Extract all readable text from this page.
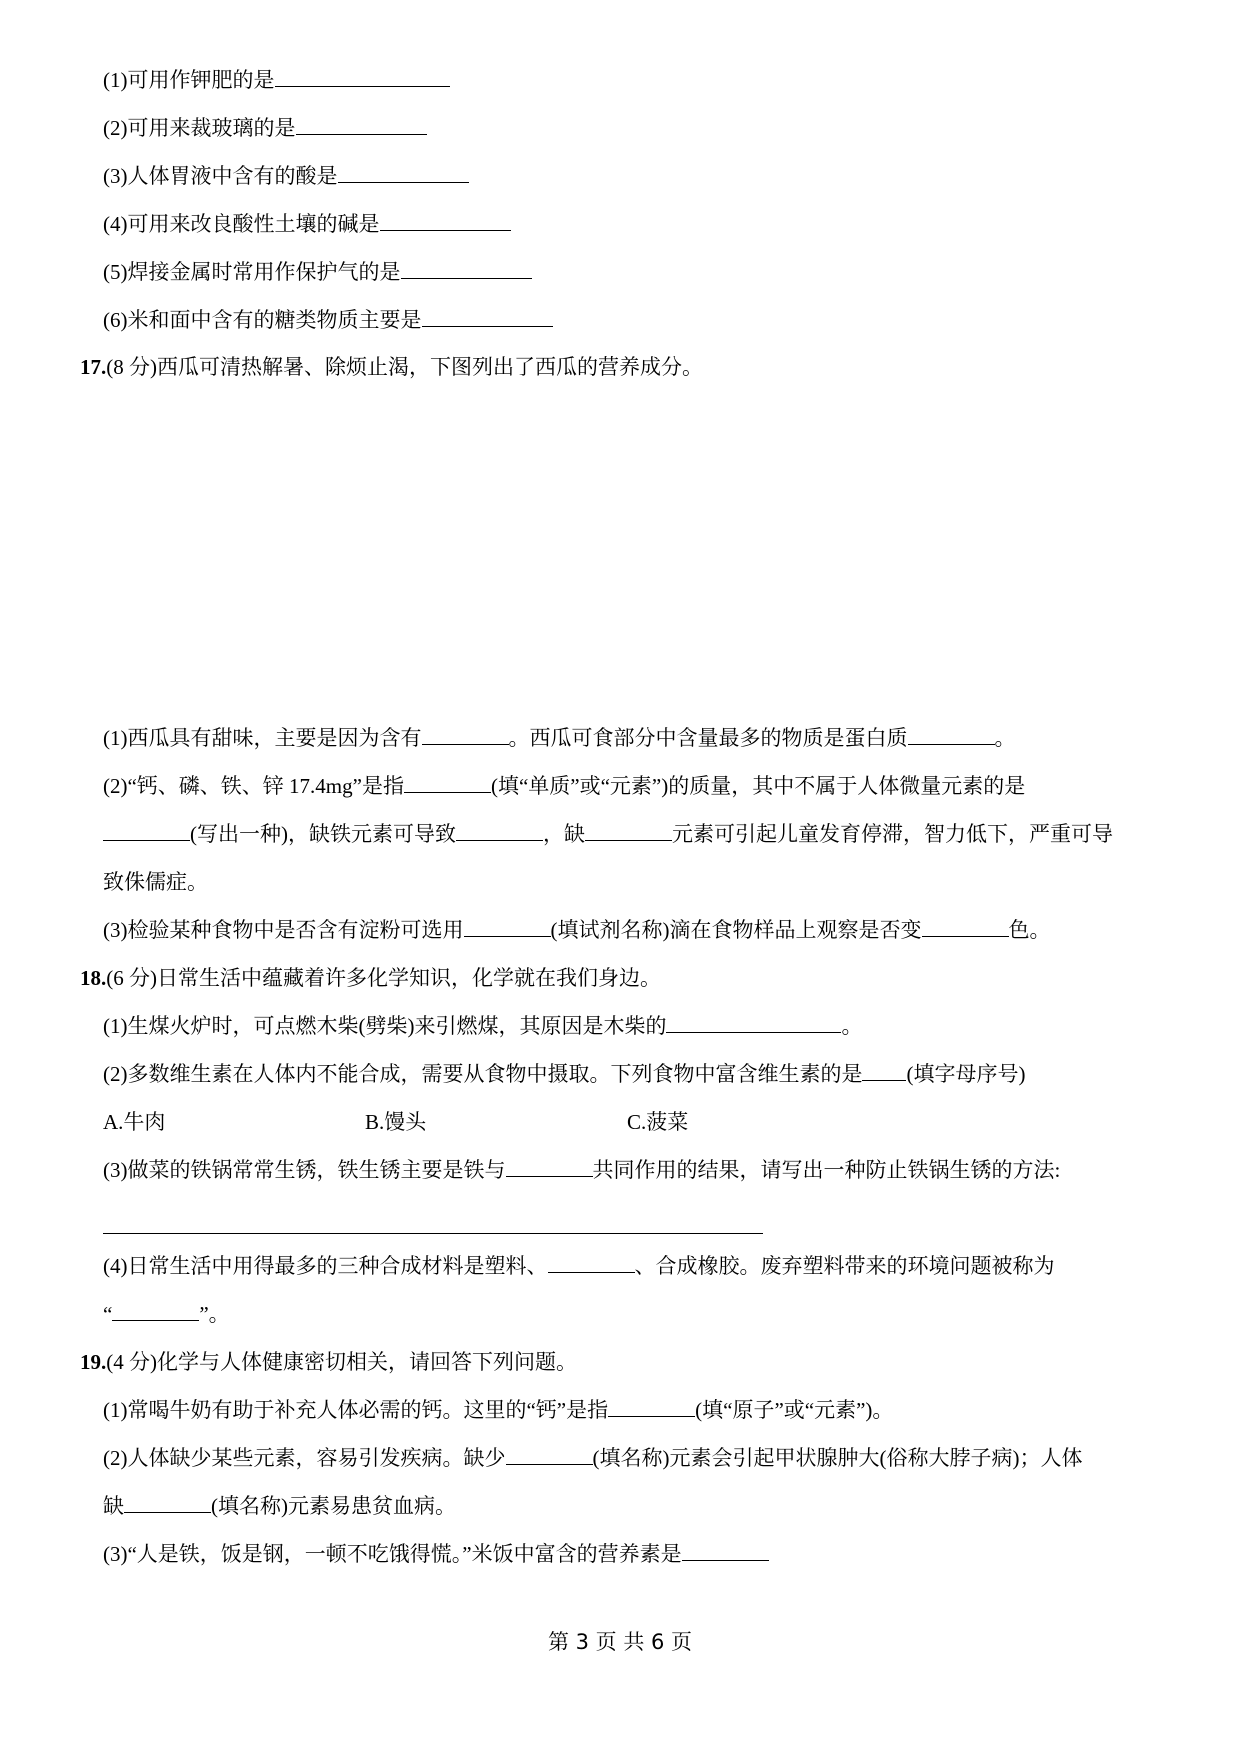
(1)可用作钾肥的是
(2)可用来裁玻璃的是
(3)人体胃液中含有的酸是
(4)可用来改良酸性土壤的碱是
(5)焊接金属时常用作保护气的是
(6)米和面中含有的糖类物质主要是
17.(8 分)西瓜可清热解暑、除烦止渴，下图列出了西瓜的营养成分。
(1)西瓜具有甜味，主要是因为含有	。西瓜可食部分中含量最多的物质是蛋白质	。
(2)“钙、磷、铁、锌 17.4mg”是指	(填“单质”或“元素”)的质量，其中不属于人体微量元素的是
(写出一种)，缺铁元素可导致	，缺	元素可引起儿童发育停滞，智力低下，严重可导
致侏儒症。
(3)检验某种食物中是否含有淀粉可选用	(填试剂名称)滴在食物样品上观察是否变	色。
18.(6 分)日常生活中蕴藏着许多化学知识，化学就在我们身边。
(1)生煤火炉时，可点燃木柴(劈柴)来引燃煤，其原因是木柴的	。
(2)多数维生素在人体内不能合成，需要从食物中摄取。下列食物中富含维生素的是 (填字母序号)
A.牛肉	B.馒头	C.菠菜
(3)做菜的铁锅常常生锈，铁生锈主要是铁与	共同作用的结果，请写出一种防止铁锅生锈的方法:
(4)日常生活中用得最多的三种合成材料是塑料、	、合成橡胶。废弃塑料带来的环境问题被称为
“	”。
19.(4 分)化学与人体健康密切相关，请回答下列问题。
(1)常喝牛奶有助于补充人体必需的钙。这里的“钙”是指	(填“原子”或“元素”)。
(2)人体缺少某些元素，容易引发疾病。缺少	(填名称)元素会引起甲状腺肿大(俗称大脖子病)；人体
缺	(填名称)元素易患贫血病。
(3)“人是铁，饭是钢，一顿不吃饿得慌。”米饭中富含的营养素是
第 3 页 共 6 页
